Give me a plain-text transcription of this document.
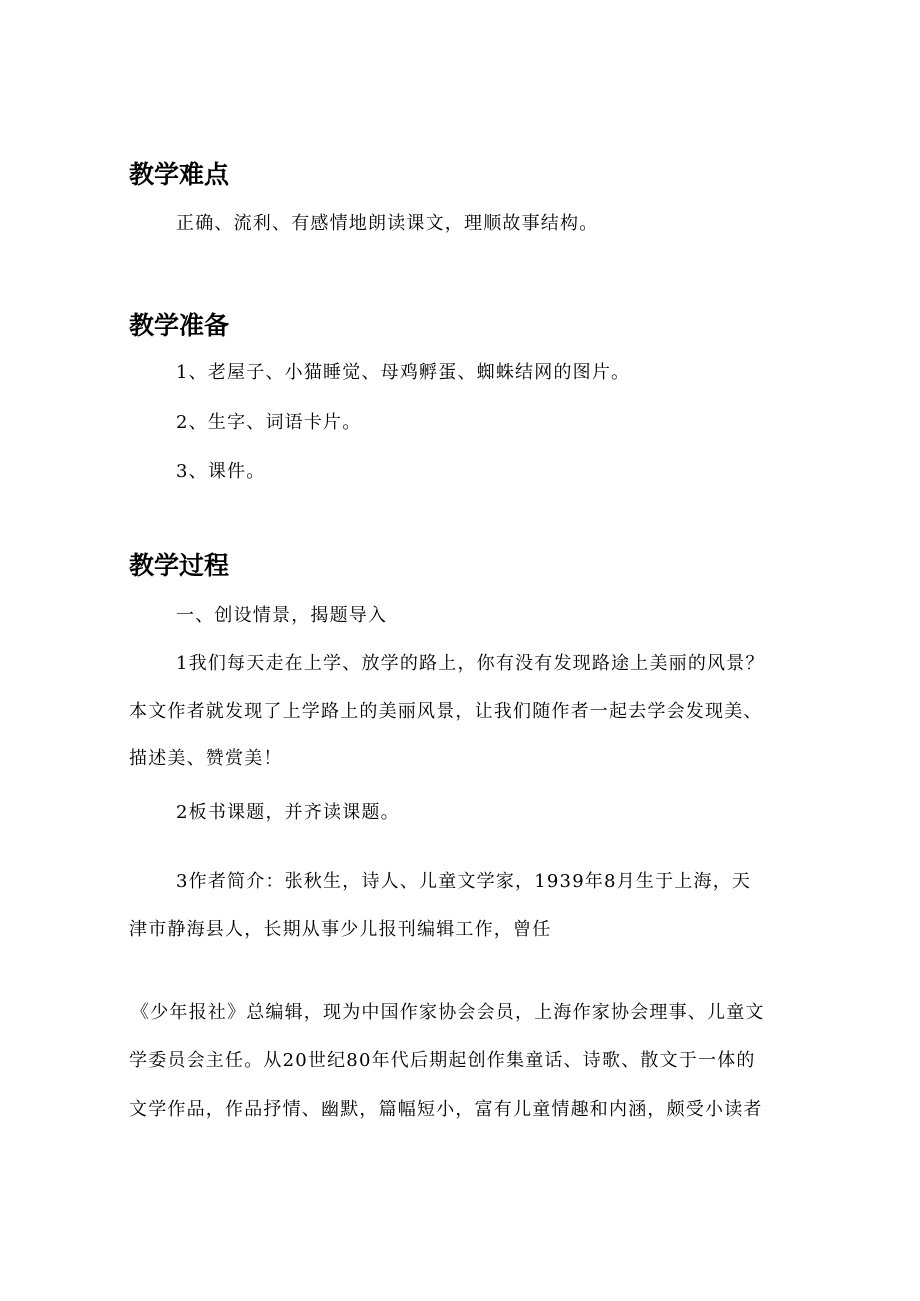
教学难点
正确、流利、有感情地朗读课文，理顺故事结构。
教学准备
1、老屋子、小猫睡觉、母鸡孵蛋、蜘蛛结网的图片。
2、生字、词语卡片。
3、课件。
教学过程
一、创设情景，揭题导入
1我们每天走在上学、放学的路上，你有没有发现路途上美丽的风景？
本文作者就发现了上学路上的美丽风景，让我们随作者一起去学会发现美、
描述美、赞赏美！
2板书课题，并齐读课题。
3作者简介：张秋生，诗人、儿童文学家，1939年8月生于上海，天
津市静海县人，长期从事少儿报刊编辑工作，曾任
《少年报社》总编辑，现为中国作家协会会员，上海作家协会理事、儿童文
学委员会主任。从20世纪80年代后期起创作集童话、诗歌、散文于一体的
文学作品，作品抒情、幽默，篇幅短小，富有儿童情趣和内涵，颇受小读者
